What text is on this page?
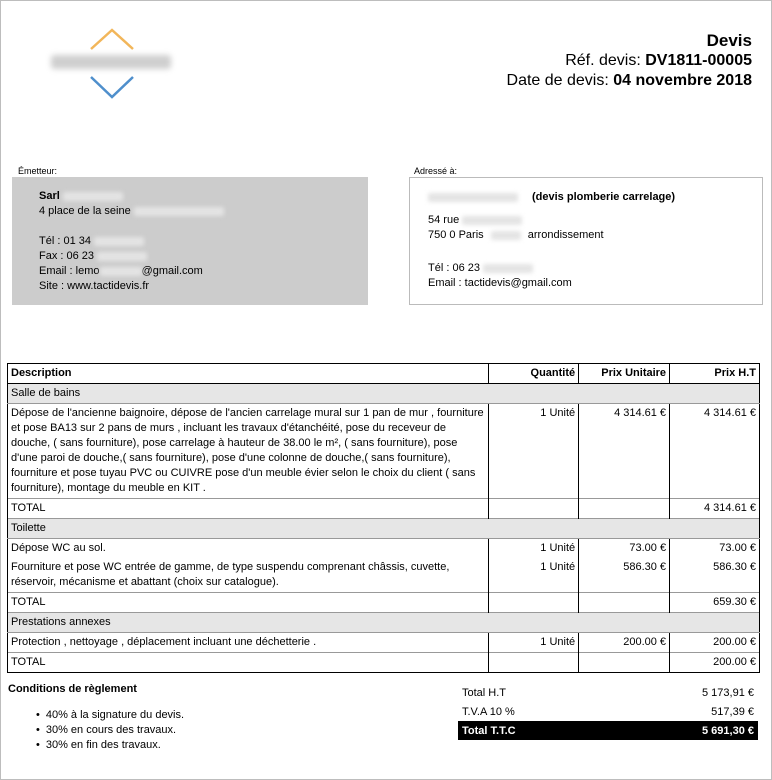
Devis
Réf. devis: DV1811-00005
Date de devis: 04 novembre 2018
Émetteur:
Sarl
4 place de la seine
Tél : 01 34
Fax : 06 23
Email : lemo	@gmail.com
Site : www.tactidevis.fr
Adressé à:
(devis plomberie carrelage)
54 rue
750 0 Paris	arrondissement
Tél : 06 23
Email : tactidevis@gmail.com
Description	Quantité	Prix Unitaire	Prix H.T
Salle de bains			
Dépose de l'ancienne baignoire, dépose de l'ancien carrelage mural sur 1 pan de mur , fourniture et pose BA13 sur 2 pans de murs , incluant les travaux d'étanchéité, pose du receveur de douche, ( sans fourniture), pose carrelage à hauteur de 38.00 le m², ( sans fourniture), pose d'une paroi de douche,( sans fourniture), pose d'une colonne de douche,( sans fourniture), fourniture et pose tuyau PVC ou CUIVRE pose d'un meuble évier selon le choix du client ( sans fourniture), montage du meuble en KIT .	1 Unité	4 314.61 €	4 314.61 €
TOTAL			4 314.61 €
Toilette			
Dépose WC au sol.	1 Unité	73.00 €	73.00 €
Fourniture et pose WC entrée de gamme, de type suspendu comprenant châssis, cuvette, réservoir, mécanisme et abattant (choix sur catalogue).	1 Unité	586.30 €	586.30 €
TOTAL			659.30 €
Prestations annexes			
Protection , nettoyage , déplacement incluant une déchetterie .	1 Unité	200.00 €	200.00 €
TOTAL			200.00 €
Conditions de règlement
• 40% à la signature du devis.
• 30% en cours des travaux.
• 30% en fin des travaux.
Total H.T	5 173,91 €
T.V.A 10 %	517,39 €
Total T.T.C	5 691,30 €
